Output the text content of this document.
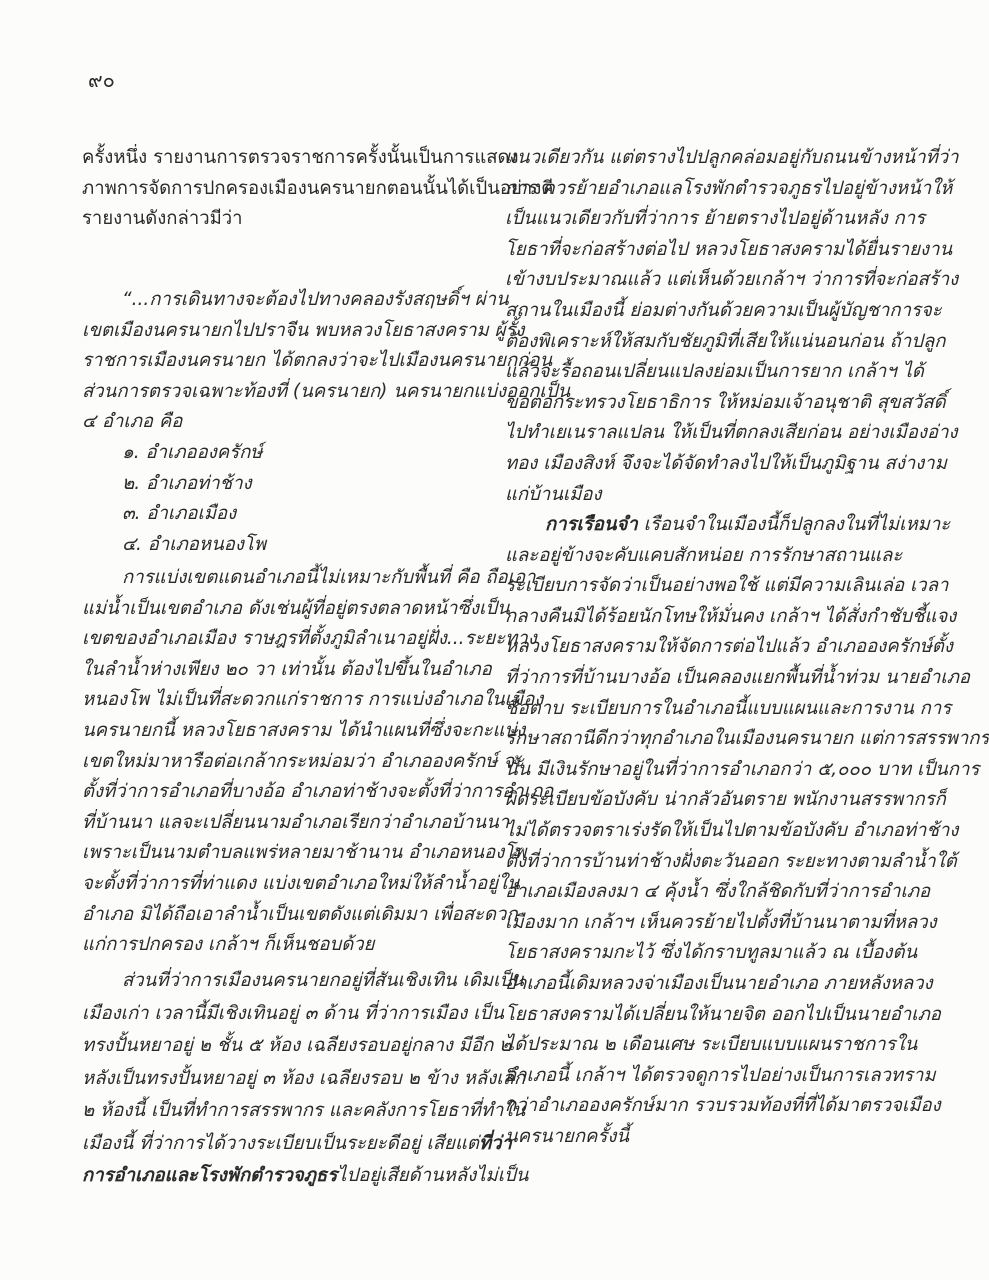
๙๐
ครั้งหนึ่ง รายงานการตรวจราชการครั้งนั้นเป็นการแสดง
ภาพการจัดการปกครองเมืองนครนายกตอนนั้นได้เป็นอย่างดี
รายงานดังกล่าวมีว่า
“...การเดินทางจะต้องไปทางคลองรังสฤษดิ์ฯ ผ่าน
เขตเมืองนครนายกไปปราจีน พบหลวงโยธาสงคราม ผู้รั้ง
ราชการเมืองนครนายก ได้ตกลงว่าจะไปเมืองนครนายกก่อน
ส่วนการตรวจเฉพาะท้องที่ (นครนายก) นครนายกแบ่งออกเป็น
๔ อำเภอ คือ
๑. อำเภอองครักษ์
๒. อำเภอท่าช้าง
๓. อำเภอเมือง
๔. อำเภอหนองโพ
การแบ่งเขตแดนอำเภอนี้ไม่เหมาะกับพื้นที่ คือ ถือเอา
แม่น้ำเป็นเขตอำเภอ ดังเช่นผู้ที่อยู่ตรงตลาดหน้าซึ่งเป็น
เขตของอำเภอเมือง ราษฎรที่ตั้งภูมิลำเนาอยู่ฝั่ง...ระยะทาง
ในลำน้ำห่างเพียง ๒๐ วา เท่านั้น ต้องไปขึ้นในอำเภอ
หนองโพ ไม่เป็นที่สะดวกแก่ราชการ การแบ่งอำเภอในเมือง
นครนายกนี้ หลวงโยธาสงคราม ได้นำแผนที่ซึ่งจะกะแบ่ง
เขตใหม่มาหารือต่อเกล้ากระหม่อมว่า อำเภอองครักษ์ จะ
ตั้งที่ว่าการอำเภอที่บางอ้อ อำเภอท่าช้างจะตั้งที่ว่าการอำเภอ
ที่บ้านนา แลจะเปลี่ยนนามอำเภอเรียกว่าอำเภอบ้านนา
เพราะเป็นนามตำบลแพร่หลายมาช้านาน อำเภอหนองโพ
จะตั้งที่ว่าการที่ท่าแดง แบ่งเขตอำเภอใหม่ให้ลำน้ำอยู่ใน
อำเภอ มิได้ถือเอาลำน้ำเป็นเขตดังแต่เดิมมา เพื่อสะดวก
แก่การปกครอง เกล้าฯ ก็เห็นชอบด้วย
ส่วนที่ว่าการเมืองนครนายกอยู่ที่สันเชิงเทิน เดิมเป็น
เมืองเก่า เวลานี้มีเชิงเทินอยู่ ๓ ด้าน ที่ว่าการเมือง เป็น
ทรงปั้นหยาอยู่ ๒ ชั้น ๕ ห้อง เฉลียงรอบอยู่กลาง มีอีก ๒
หลังเป็นทรงปั้นหยาอยู่ ๓ ห้อง เฉลียงรอบ ๒ ข้าง หลังเล็ก
๒ ห้องนี้ เป็นที่ทำการสรรพากร และคลังการโยธาที่ทำใน
เมืองนี้ ที่ว่าการได้วางระเบียบเป็นระยะดีอยู่ เสียแต่ที่ว่า
การอำเภอและโรงพักตำรวจภูธรไปอยู่เสียด้านหลังไม่เป็น
แนวเดียวกัน แต่ตรางไปปลูกคล่อมอยู่กับถนนข้างหน้าที่ว่า
การ ควรย้ายอำเภอแลโรงพักตำรวจภูธรไปอยู่ข้างหน้าให้
เป็นแนวเดียวกับที่ว่าการ ย้ายตรางไปอยู่ด้านหลัง การ
โยธาที่จะก่อสร้างต่อไป หลวงโยธาสงครามได้ยื่นรายงาน
เข้างบประมาณแล้ว แต่เห็นด้วยเกล้าฯ ว่าการที่จะก่อสร้าง
สถานในเมืองนี้ ย่อมต่างกันด้วยความเป็นผู้บัญชาการจะ
ต้องพิเคราะห์ให้สมกับชัยภูมิที่เสียให้แน่นอนก่อน ถ้าปลูก
แล้วจะรื้อถอนเปลี่ยนแปลงย่อมเป็นการยาก เกล้าฯ ได้
ขอต่อกระทรวงโยธาธิการ ให้หม่อมเจ้าอนุชาติ สุขสวัสดิ์
ไปทำเยเนราลแปลน ให้เป็นที่ตกลงเสียก่อน อย่างเมืองอ่าง
ทอง เมืองสิงห์ จึงจะได้จัดทำลงไปให้เป็นภูมิฐาน สง่างาม
แก่บ้านเมือง
การเรือนจำ เรือนจำในเมืองนี้ก็ปลูกลงในที่ไม่เหมาะ
และอยู่ข้างจะคับแคบสักหน่อย การรักษาสถานและ
ระเบียบการจัดว่าเป็นอย่างพอใช้ แต่มีความเลินเล่อ เวลา
กลางคืนมิได้ร้อยนักโทษให้มั่นคง เกล้าฯ ได้สั่งกำชับชี้แจง
หลวงโยธาสงครามให้จัดการต่อไปแล้ว อำเภอองครักษ์ตั้ง
ที่ว่าการที่บ้านบางอ้อ เป็นคลองแยกพื้นที่น้ำท่วม นายอำเภอ
ชื่อตาบ ระเบียบการในอำเภอนี้แบบแผนและการงาน การ
รักษาสถานีดีกว่าทุกอำเภอในเมืองนครนายก แต่การสรรพากร
นั้น มีเงินรักษาอยู่ในที่ว่าการอำเภอกว่า ๕,๐๐๐ บาท เป็นการ
ผิดระเบียบข้อบังคับ น่ากลัวอันตราย พนักงานสรรพากรก็
ไม่ได้ตรวจตราเร่งรัดให้เป็นไปตามข้อบังคับ อำเภอท่าช้าง
ตั้งที่ว่าการบ้านท่าช้างฝั่งตะวันออก ระยะทางตามลำน้ำใต้
อำเภอเมืองลงมา ๔ คุ้งน้ำ ซึ่งใกล้ชิดกับที่ว่าการอำเภอ
เมืองมาก เกล้าฯ เห็นควรย้ายไปตั้งที่บ้านนาตามที่หลวง
โยธาสงครามกะไว้ ซึ่งได้กราบทูลมาแล้ว ณ เบื้องต้น
อำเภอนี้เดิมหลวงจ่าเมืองเป็นนายอำเภอ ภายหลังหลวง
โยธาสงครามได้เปลี่ยนให้นายจิต ออกไปเป็นนายอำเภอ
ได้ประมาณ ๒ เดือนเศษ ระเบียบแบบแผนราชการใน
อำเภอนี้ เกล้าฯ ได้ตรวจดูการไปอย่างเป็นการเลวทราม
กว่าอำเภอองครักษ์มาก รวบรวมท้องที่ที่ได้มาตรวจเมือง
นครนายกครั้งนี้
